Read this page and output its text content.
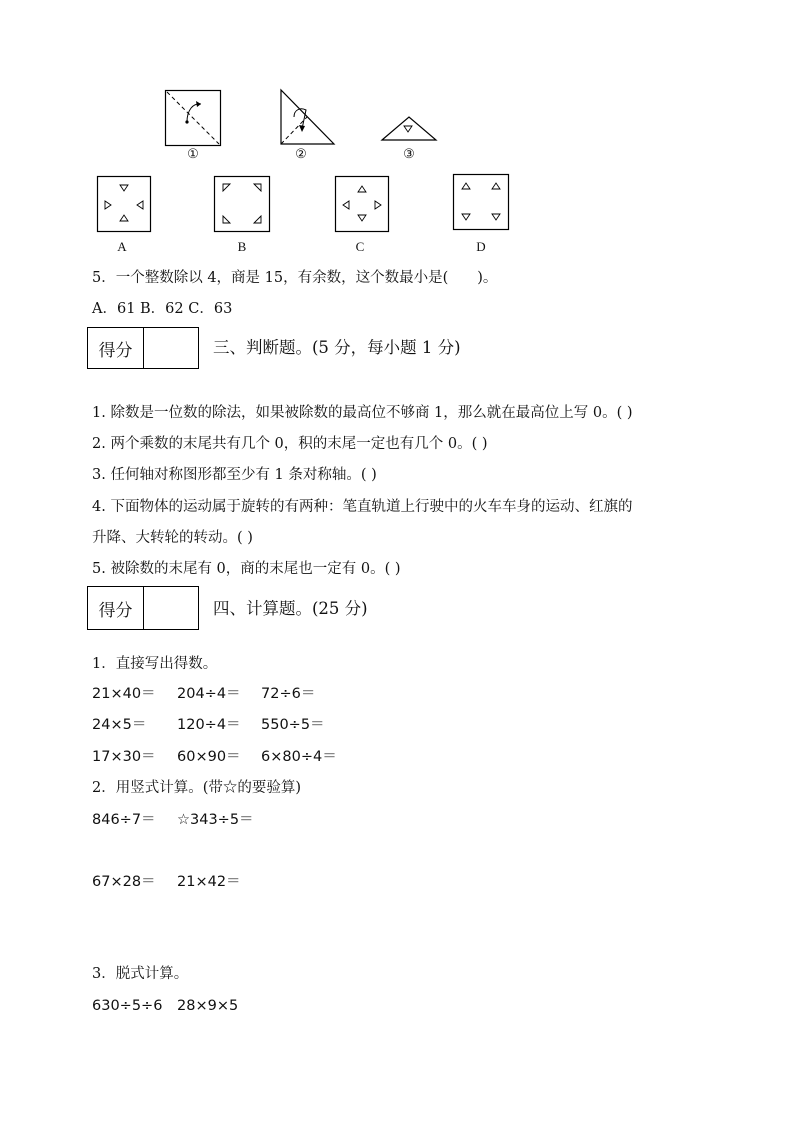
①	②	③
A	B	C	D
5．一个整数除以 4，商是 15，有余数，这个数最小是(　　)。
A．61 B．62 C．63
得分	三、判断题。(5 分，每小题 1 分)
1. 除数是一位数的除法，如果被除数的最高位不够商 1，那么就在最高位上写 0。( )
2. 两个乘数的末尾共有几个 0，积的末尾一定也有几个 0。( )
3. 任何轴对称图形都至少有 1 条对称轴。( )
4. 下面物体的运动属于旋转的有两种：笔直轨道上行驶中的火车车身的运动、红旗的
升降、大转轮的转动。( )
5. 被除数的末尾有 0，商的末尾也一定有 0。( )
得分	四、计算题。(25 分)
1．直接写出得数。
21×40＝ 204÷4＝ 72÷6＝
24×5＝ 120÷4＝ 550÷5＝
17×30＝ 60×90＝ 6×80÷4＝
2．用竖式计算。(带☆的要验算)
846÷7＝ ☆343÷5＝
67×28＝ 21×42＝
3．脱式计算。
630÷5÷6 28×9×5
